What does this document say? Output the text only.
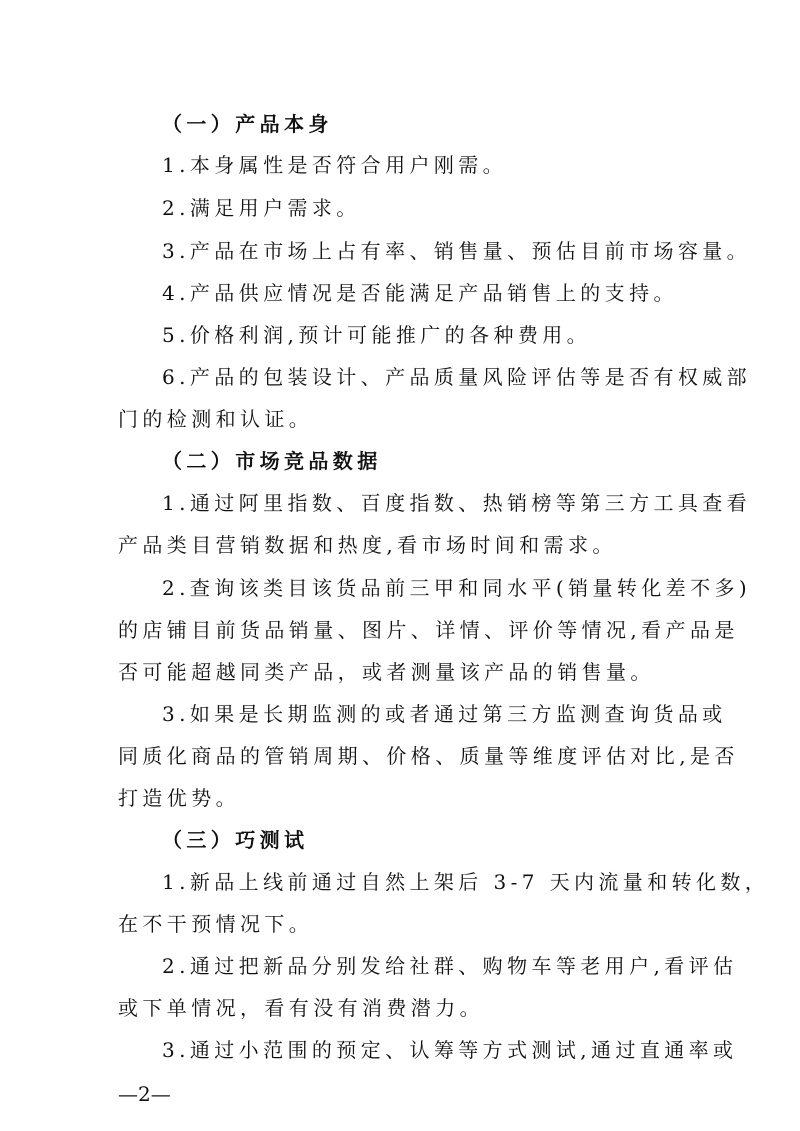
（一）产品本身
1.本身属性是否符合用户刚需。
2.满足用户需求。
3.产品在市场上占有率、销售量、预估目前市场容量。
4.产品供应情况是否能满足产品销售上的支持。
5.价格利润,预计可能推广的各种费用。
6.产品的包装设计、产品质量风险评估等是否有权威部
门的检测和认证。
（二）市场竞品数据
1.通过阿里指数、百度指数、热销榜等第三方工具查看
产品类目营销数据和热度,看市场时间和需求。
2.查询该类目该货品前三甲和同水平(销量转化差不多)
的店铺目前货品销量、图片、详情、评价等情况,看产品是
否可能超越同类产品，或者测量该产品的销售量。
3.如果是长期监测的或者通过第三方监测查询货品或
同质化商品的管销周期、价格、质量等维度评估对比,是否
打造优势。
（三）巧测试
1.新品上线前通过自然上架后 3-7 天内流量和转化数，
在不干预情况下。
2.通过把新品分别发给社群、购物车等老用户,看评估
或下单情况，看有没有消费潜力。
3.通过小范围的预定、认筹等方式测试,通过直通率或
—2—
